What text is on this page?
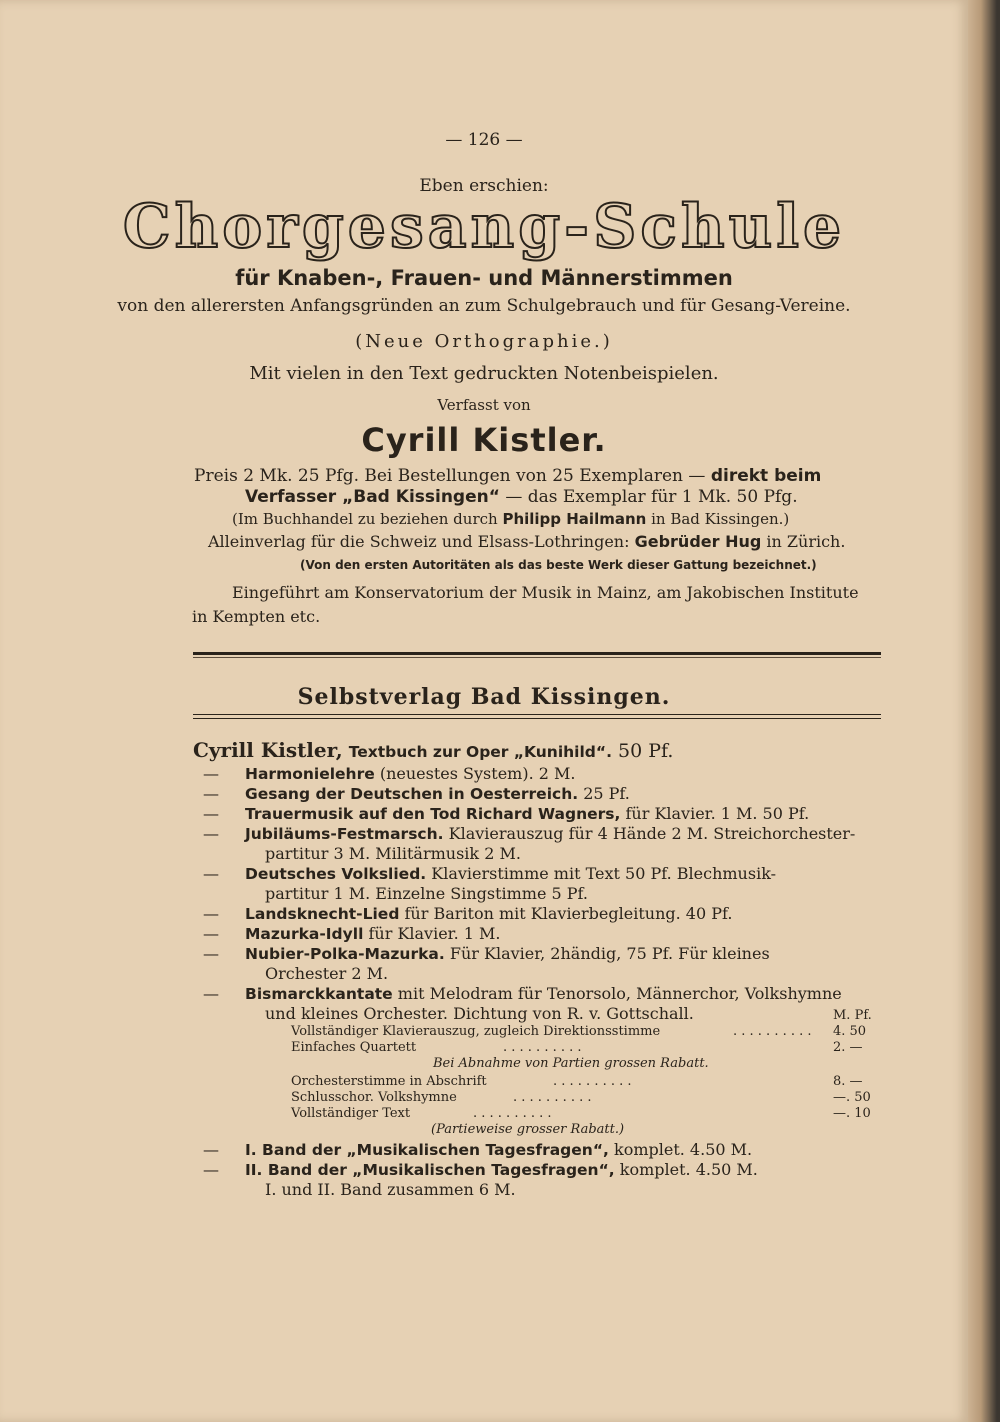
— 126 —
Eben erschien:
Chorgesang-Schule
für Knaben-, Frauen- und Männerstimmen
von den allerersten Anfangsgründen an zum Schulgebrauch und für Gesang-Vereine.
(Neue Orthographie.)
Mit vielen in den Text gedruckten Notenbeispielen.
Verfasst von
Cyrill Kistler.
Preis 2 Mk. 25 Pfg. Bei Bestellungen von 25 Exemplaren — direkt beim
Verfasser „Bad Kissingen“ — das Exemplar für 1 Mk. 50 Pfg.
(Im Buchhandel zu beziehen durch Philipp Hailmann in Bad Kissingen.)
Alleinverlag für die Schweiz und Elsass-Lothringen: Gebrüder Hug in Zürich.
(Von den ersten Autoritäten als das beste Werk dieser Gattung bezeichnet.)
Eingeführt am Konservatorium der Musik in Mainz, am Jakobischen Institute
in Kempten etc.
Selbstverlag Bad Kissingen.
Cyrill Kistler, Textbuch zur Oper „Kunihild“. 50 Pf.
— Harmonielehre (neuestes System). 2 M.
— Gesang der Deutschen in Oesterreich. 25 Pf.
— Trauermusik auf den Tod Richard Wagners, für Klavier. 1 M. 50 Pf.
— Jubiläums-Festmarsch. Klavierauszug für 4 Hände 2 M. Streichorchester-
partitur 3 M. Militärmusik 2 M.
— Deutsches Volkslied. Klavierstimme mit Text 50 Pf. Blechmusik-
partitur 1 M. Einzelne Singstimme 5 Pf.
— Landsknecht-Lied für Bariton mit Klavierbegleitung. 40 Pf.
— Mazurka-Idyll für Klavier. 1 M.
— Nubier-Polka-Mazurka. Für Klavier, 2händig, 75 Pf. Für kleines
Orchester 2 M.
— Bismarckkantate mit Melodram für Tenorsolo, Männerchor, Volkshymne
und kleines Orchester. Dichtung von R. v. Gottschall.	M. Pf.
Vollständiger Klavierauszug, zugleich Direktionsstimme	. . . . . . . . . . 4. 50
Einfaches Quartett	. . . . . . . . . .	2. —
Bei Abnahme von Partien grossen Rabatt.
Orchesterstimme in Abschrift	. . . . . . . . . .	8. —
Schlusschor. Volkshymne	. . . . . . . . . .	—. 50
Vollständiger Text	. . . . . . . . . .	—. 10
(Partieweise grosser Rabatt.)
— I. Band der „Musikalischen Tagesfragen“, komplet. 4.50 M.
— II. Band der „Musikalischen Tagesfragen“, komplet. 4.50 M.
I. und II. Band zusammen 6 M.
